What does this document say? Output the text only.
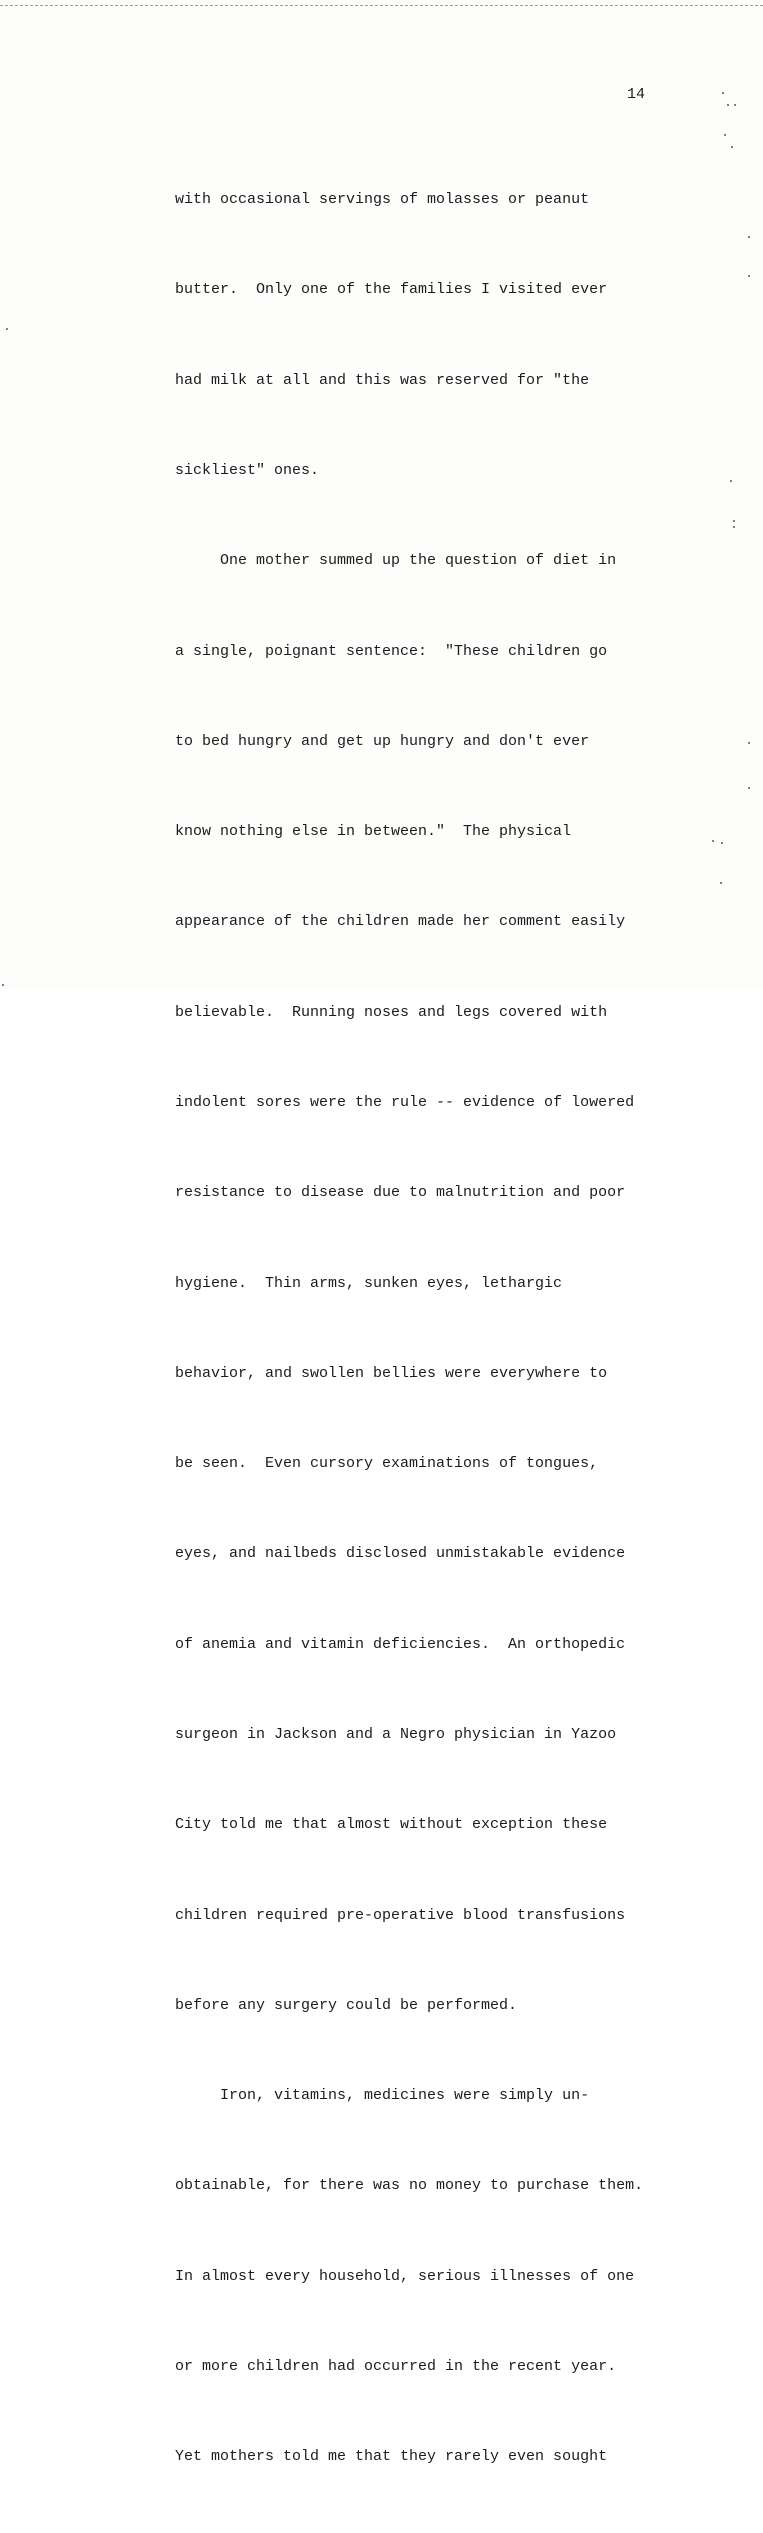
14

with occasional servings of molasses or peanut

butter.  Only one of the families I visited ever

had milk at all and this was reserved for "the

sickliest" ones.

One mother summed up the question of diet in

a single, poignant sentence:  "These children go

to bed hungry and get up hungry and don't ever

know nothing else in between."  The physical

appearance of the children made her comment easily

believable.  Running noses and legs covered with

indolent sores were the rule -- evidence of lowered

resistance to disease due to malnutrition and poor

hygiene.  Thin arms, sunken eyes, lethargic

behavior, and swollen bellies were everywhere to

be seen.  Even cursory examinations of tongues,

eyes, and nailbeds disclosed unmistakable evidence

of anemia and vitamin deficiencies.  An orthopedic

surgeon in Jackson and a Negro physician in Yazoo

City told me that almost without exception these

children required pre-operative blood transfusions

before any surgery could be performed.

Iron, vitamins, medicines were simply un-

obtainable, for there was no money to purchase them.

In almost every household, serious illnesses of one

or more children had occurred in the recent year.

Yet mothers told me that they rarely even sought
